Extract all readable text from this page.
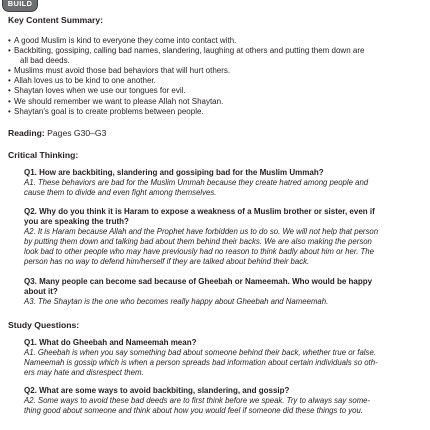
BUILD
Key Content Summary:
• A good Muslim is kind to everyone they come into contact with.
• Backbiting, gossiping, calling bad names, slandering, laughing at others and putting them down are
all bad deeds.
• Muslims must avoid those bad behaviors that will hurt others.
• Allah loves us to be kind to one another.
• Shaytan loves when we use our tongues for evil.
• We should remember we want to please Allah not Shaytan.
• Shaytan's goal is to create problems between people.
Reading: Pages G30–G3
Critical Thinking:

Q1. How are backbiting, slandering and gossiping bad for the Muslim Ummah?

A1. These behaviors are bad for the Muslim Ummah because they create hatred among people and

cause them to divide and even fight among themselves.

Q2. Why do you think it is Haram to expose a weakness of a Muslim brother or sister, even if

you are speaking the truth?

A2. It is Haram because Allah and the Prophet have forbidden us to do so. We will not help that person

by putting them down and talking bad about them behind their backs. We are also making the person

look bad to other people who may have previously had no reason to think badly about him or her. The

person has no way to defend him/herself if they are talked about behind their back.

Q3. Many people can become sad because of Gheebah or Nameemah. Who would be happy

about it?

A3. The Shaytan is the one who becomes really happy about Gheebah and Nameemah.

Study Questions:

Q1. What do Gheebah and Nameemah mean?

A1. Gheebah is when you say something bad about someone behind their back, whether true or false.

Nameemah is gossip which is when a person spreads bad information about certain individuals so oth-

ers may hate and disrespect them.

Q2. What are some ways to avoid backbiting, slandering, and gossip?

A2. Some ways to avoid these bad deeds are to first think before we speak. Try to always say some-

thing good about someone and think about how you would feel if someone did these things to you.
